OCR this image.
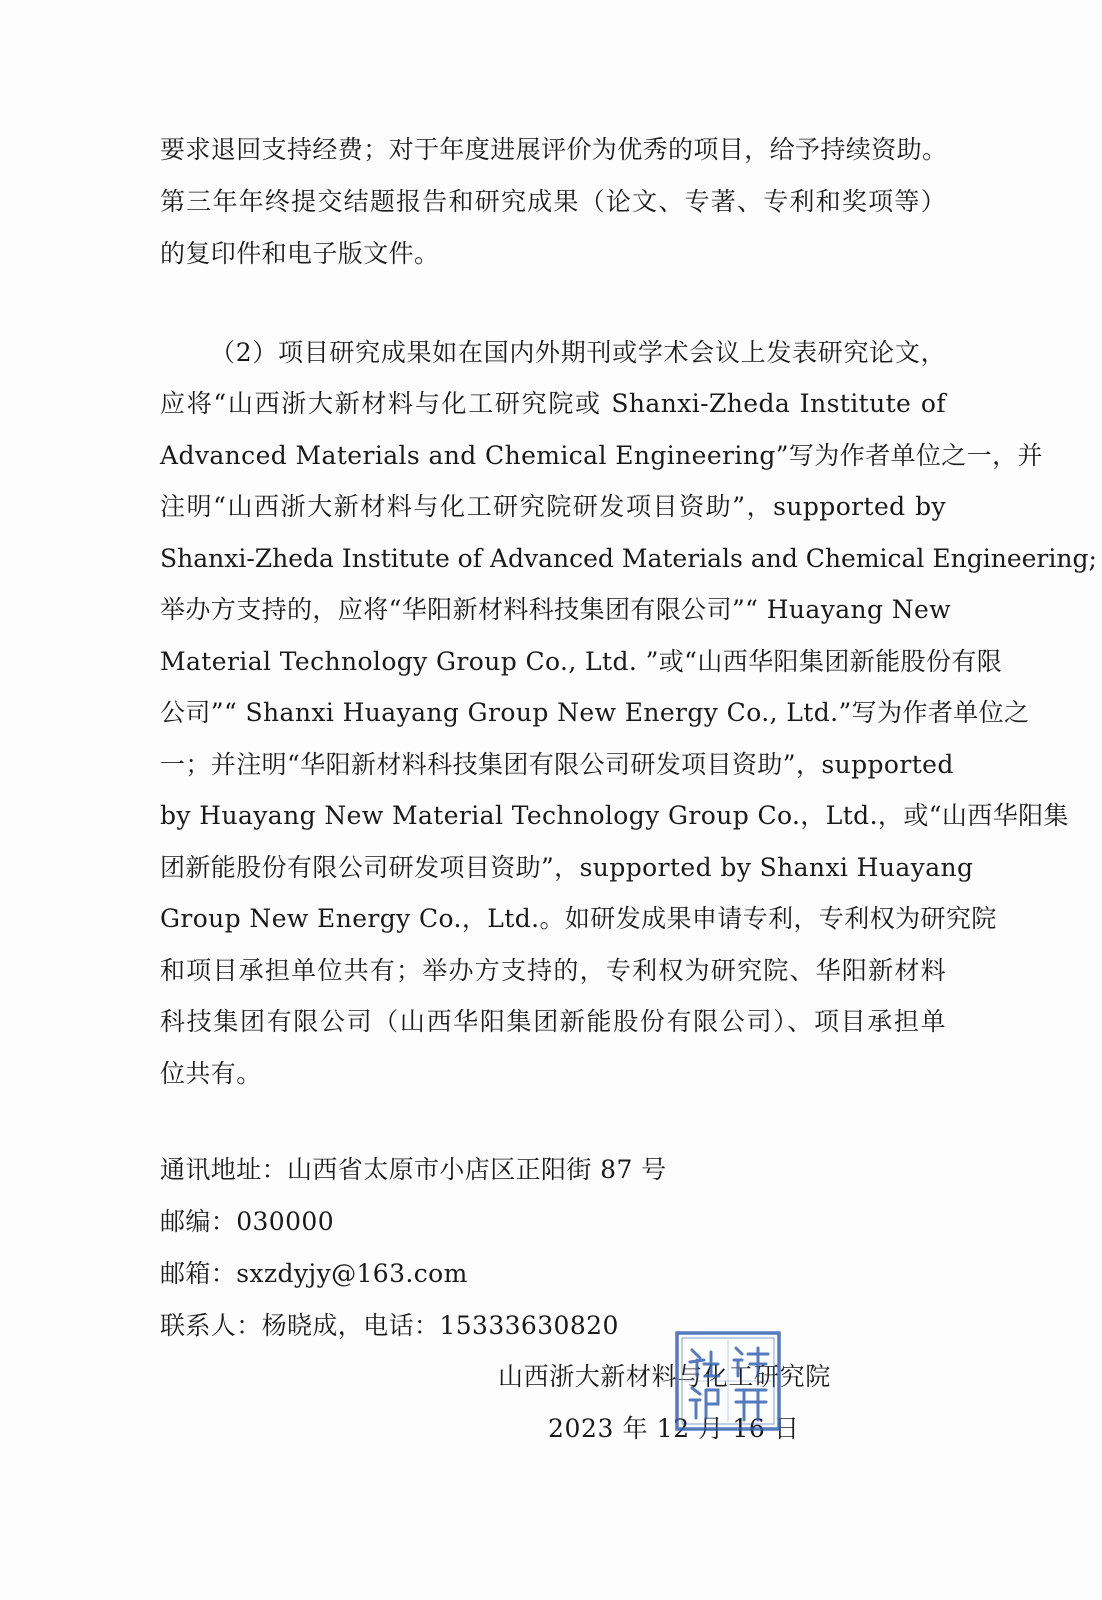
要求退回支持经费；对于年度进展评价为优秀的项目，给予持续资助。
第三年年终提交结题报告和研究成果（论文、专著、专利和奖项等）
的复印件和电子版文件。
（2）项目研究成果如在国内外期刊或学术会议上发表研究论文，
应将“山西浙大新材料与化工研究院或 Shanxi-Zheda Institute of
Advanced Materials and Chemical Engineering”写为作者单位之一，并
注明“山西浙大新材料与化工研究院研发项目资助”，supported by
Shanxi-Zheda Institute of Advanced Materials and Chemical Engineering;
举办方支持的，应将“华阳新材料科技集团有限公司”“ Huayang New
Material Technology Group Co., Ltd. ”或“山西华阳集团新能股份有限
公司”“ Shanxi Huayang Group New Energy Co., Ltd.”写为作者单位之
一；并注明“华阳新材料科技集团有限公司研发项目资助”，supported
by Huayang New Material Technology Group Co.，Ltd.，或“山西华阳集
团新能股份有限公司研发项目资助”，supported by Shanxi Huayang
Group New Energy Co.，Ltd.。如研发成果申请专利，专利权为研究院
和项目承担单位共有；举办方支持的，专利权为研究院、华阳新材料
科技集团有限公司（山西华阳集团新能股份有限公司）、项目承担单
位共有。
通讯地址：山西省太原市小店区正阳街 87 号
邮编：030000
邮箱：sxzdyjy@163.com
联系人：杨晓成，电话：15333630820
山西浙大新材料与化工研究院
2023 年 12 月 16 日
